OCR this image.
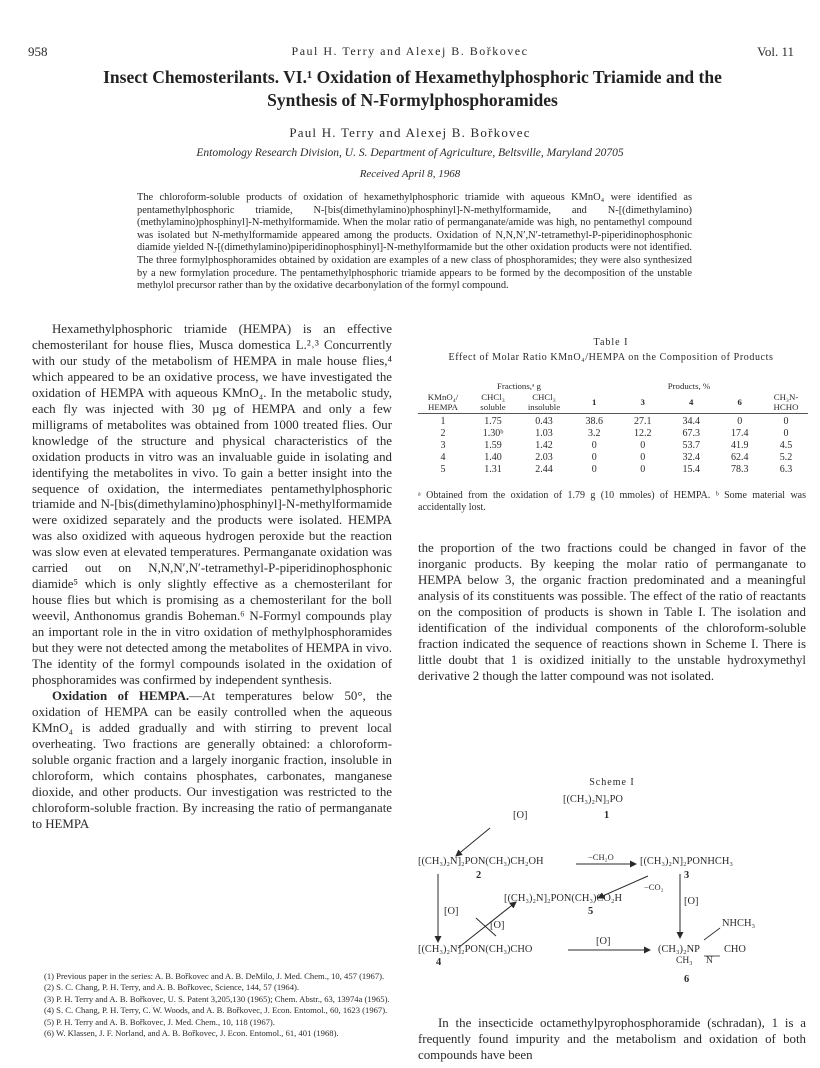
958	Paul H. Terry and Alexej B. Bořkovec	Vol. 11
Insect Chemosterilants. VI.¹ Oxidation of Hexamethylphosphoric Triamide and the Synthesis of N-Formylphosphoramides
Paul H. Terry and Alexej B. Bořkovec
Entomology Research Division, U. S. Department of Agriculture, Beltsville, Maryland 20705
Received April 8, 1968
The chloroform-soluble products of oxidation of hexamethylphosphoric triamide with aqueous KMnO₄ were identified as pentamethylphosphoric triamide, N-[bis(dimethylamino)phosphinyl]-N-methylformamide, and N-[(dimethylamino)(methylamino)phosphinyl]-N-methylformamide. When the molar ratio of permanganate/amide was high, no pentamethyl compound was isolated but N-methylformamide appeared among the products. Oxidation of N,N,N′,N′-tetramethyl-P-piperidinophosphonic diamide yielded N-[(dimethylamino)piperidinophosphinyl]-N-methylformamide but the other oxidation products were not identified. The three formylphosphoramides obtained by oxidation are examples of a new class of phosphoramides; they were also synthesized by a new formylation procedure. The pentamethylphosphoric triamide appears to be formed by the decomposition of the unstable methylol precursor rather than by the oxidative decarbonylation of the formyl compound.

Hexamethylphosphoric triamide (HEMPA) is an effective chemosterilant for house flies, Musca domestica L.²˒³ Concurrently with our study of the metabolism of HEMPA in male house flies,⁴ which appeared to be an oxidative process, we have investigated the oxidation of HEMPA with aqueous KMnO₄. In the metabolic study, each fly was injected with 30 µg of HEMPA and only a few milligrams of metabolites was obtained from 1000 treated flies. Our knowledge of the structure and physical characteristics of the oxidation products in vitro was an invaluable guide in isolating and identifying the metabolites in vivo. To gain a better insight into the sequence of oxidation, the intermediates pentamethylphosphoric triamide and N-[bis(dimethylamino)phosphinyl]-N-methylformamide were oxidized separately and the products were isolated. HEMPA was also oxidized with aqueous hydrogen peroxide but the reaction was slow even at elevated temperatures. Permanganate oxidation was carried out on N,N,N′,N′-tetramethyl-P-piperidinophosphonic diamide⁵ which is only slightly effective as a chemosterilant for house flies but which is promising as a chemosterilant for the boll weevil, Anthonomus grandis Boheman.⁶ N-Formyl compounds play an important role in the in vitro oxidation of methylphosphoramides but they were not detected among the metabolites of HEMPA in vivo. The identity of the formyl compounds isolated in the oxidation of phosphoramides was confirmed by independent synthesis.

Oxidation of HEMPA.—At temperatures below 50°, the oxidation of HEMPA can be easily controlled when the aqueous KMnO₄ is added gradually and with stirring to prevent local overheating. Two fractions are generally obtained: a chloroform-soluble organic fraction and a largely inorganic fraction, insoluble in chloroform, which contains phosphates, carbonates, manganese dioxide, and other products. Our investigation was restricted to the chloroform-soluble fraction. By increasing the ratio of permanganate to HEMPA

(1) Previous paper in the series: A. B. Bořkovec and A. B. DeMilo, J. Med. Chem., 10, 457 (1967).
(2) S. C. Chang, P. H. Terry, and A. B. Bořkovec, Science, 144, 57 (1964).
(3) P. H. Terry and A. B. Bořkovec, U. S. Patent 3,205,130 (1965); Chem. Abstr., 63, 13974a (1965).
(4) S. C. Chang, P. H. Terry, C. W. Woods, and A. B. Bořkovec, J. Econ. Entomol., 60, 1623 (1967).
(5) P. H. Terry and A. B. Bořkovec, J. Med. Chem., 10, 118 (1967).
(6) W. Klassen, J. F. Norland, and A. B. Bořkovec, J. Econ. Entomol., 61, 401 (1968).
Table I
Effect of Molar Ratio KMnO₄/HEMPA on the Composition of Products
	Fractions,ᵃ g		Products, %				
KMnO₄/ HEMPA	CHCl₃ soluble	CHCl₃ insoluble	1	3	4	6	CH₃N-HCHO
1	1.75	0.43	38.6	27.1	34.4	0	0
2	1.30ᵇ	1.03	3.2	12.2	67.3	17.4	0
3	1.59	1.42	0	0	53.7	41.9	4.5
4	1.40	2.03	0	0	32.4	62.4	5.2
5	1.31	2.44	0	0	15.4	78.3	6.3
ᵃ Obtained from the oxidation of 1.79 g (10 mmoles) of HEMPA. ᵇ Some material was accidentally lost.

the proportion of the two fractions could be changed in favor of the inorganic products. By keeping the molar ratio of permanganate to HEMPA below 3, the organic fraction predominated and a meaningful analysis of its constituents was possible. The effect of the ratio of reactants on the composition of products is shown in Table I. The isolation and identification of the individual components of the chloroform-soluble fraction indicated the sequence of reactions shown in Scheme I. There is little doubt that 1 is oxidized initially to the unstable hydroxymethyl derivative 2 though the latter compound was not isolated.

Scheme I
[(CH₃)₂N]₃PO
1
[O]
[(CH₃)₂N]₂PON(CH₃)CH₂OH
2
−CH₂O	[(CH₃)₂N]₂PONHCH₃
3
−CO₂
[(CH₃)₂N]₂PON(CH₃)CO₂H
5
[O]
[O]
[O]
[(CH₃)₂N]₂PON(CH₃)CHO
4
[O]
NHCH₃
(CH₃)₂NP CHO
CH₃ N
6

In the insecticide octamethylpyrophosphoramide (schradan), 1 is a frequently found impurity and the metabolism and oxidation of both compounds have been
